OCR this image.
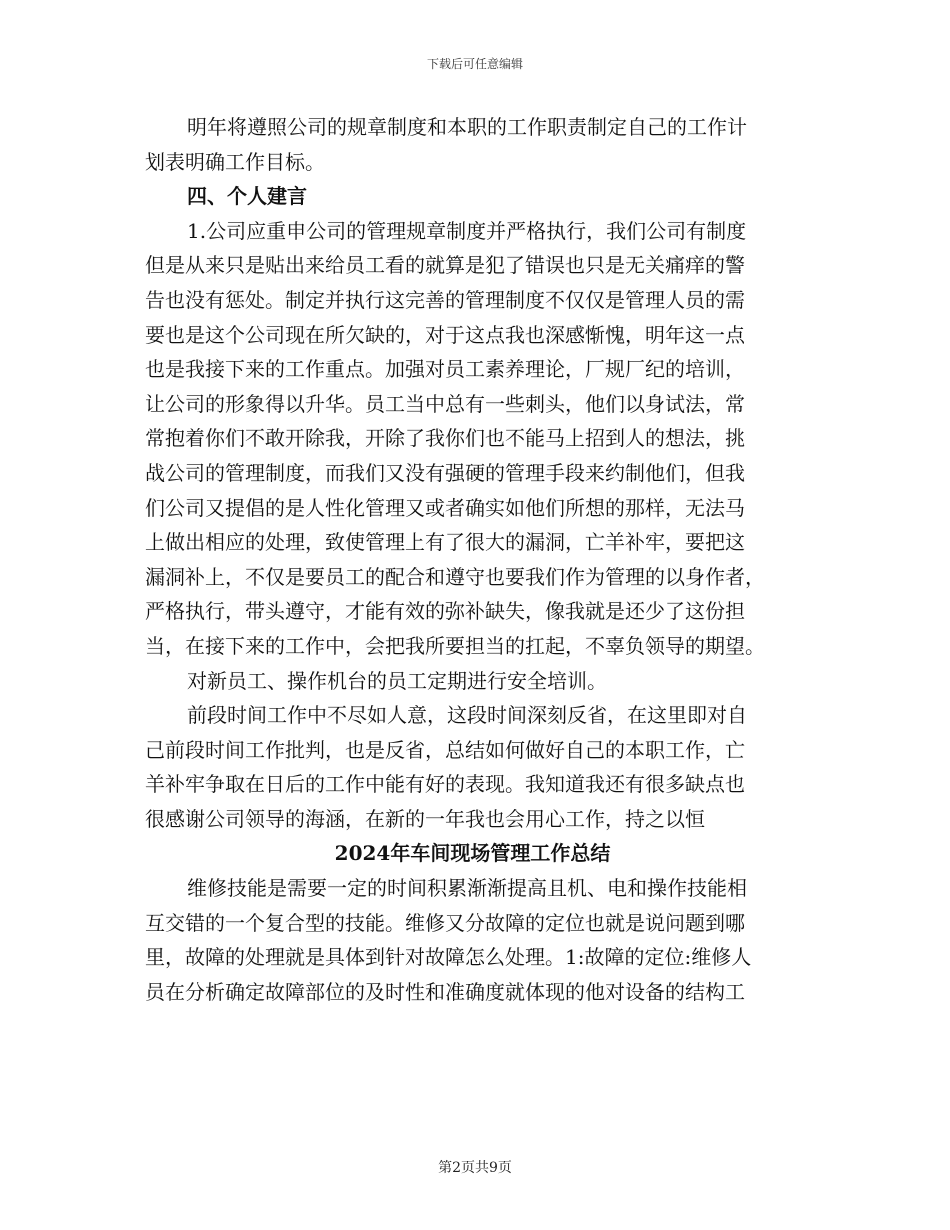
下载后可任意编辑

明年将遵照公司的规章制度和本职的工作职责制定自己的工作计
划表明确工作目标。

四、个人建言

1.公司应重申公司的管理规章制度并严格执行，我们公司有制度
但是从来只是贴出来给员工看的就算是犯了错误也只是无关痛痒的警
告也没有惩处。制定并执行这完善的管理制度不仅仅是管理人员的需
要也是这个公司现在所欠缺的，对于这点我也深感惭愧，明年这一点
也是我接下来的工作重点。加强对员工素养理论，厂规厂纪的培训，
让公司的形象得以升华。员工当中总有一些刺头，他们以身试法，常
常抱着你们不敢开除我，开除了我你们也不能马上招到人的想法，挑
战公司的管理制度，而我们又没有强硬的管理手段来约制他们，但我
们公司又提倡的是人性化管理又或者确实如他们所想的那样，无法马
上做出相应的处理，致使管理上有了很大的漏洞，亡羊补牢，要把这
漏洞补上，不仅是要员工的配合和遵守也要我们作为管理的以身作者，
严格执行，带头遵守，才能有效的弥补缺失，像我就是还少了这份担
当，在接下来的工作中，会把我所要担当的扛起，不辜负领导的期望。

对新员工、操作机台的员工定期进行安全培训。

前段时间工作中不尽如人意，这段时间深刻反省，在这里即对自
己前段时间工作批判，也是反省，总结如何做好自己的本职工作，亡
羊补牢争取在日后的工作中能有好的表现。我知道我还有很多缺点也
很感谢公司领导的海涵，在新的一年我也会用心工作，持之以恒

2024年车间现场管理工作总结

维修技能是需要一定的时间积累渐渐提高且机、电和操作技能相
互交错的一个复合型的技能。维修又分故障的定位也就是说问题到哪
里，故障的处理就是具体到针对故障怎么处理。1:故障的定位:维修人
员在分析确定故障部位的及时性和准确度就体现的他对设备的结构工

第2页共9页
